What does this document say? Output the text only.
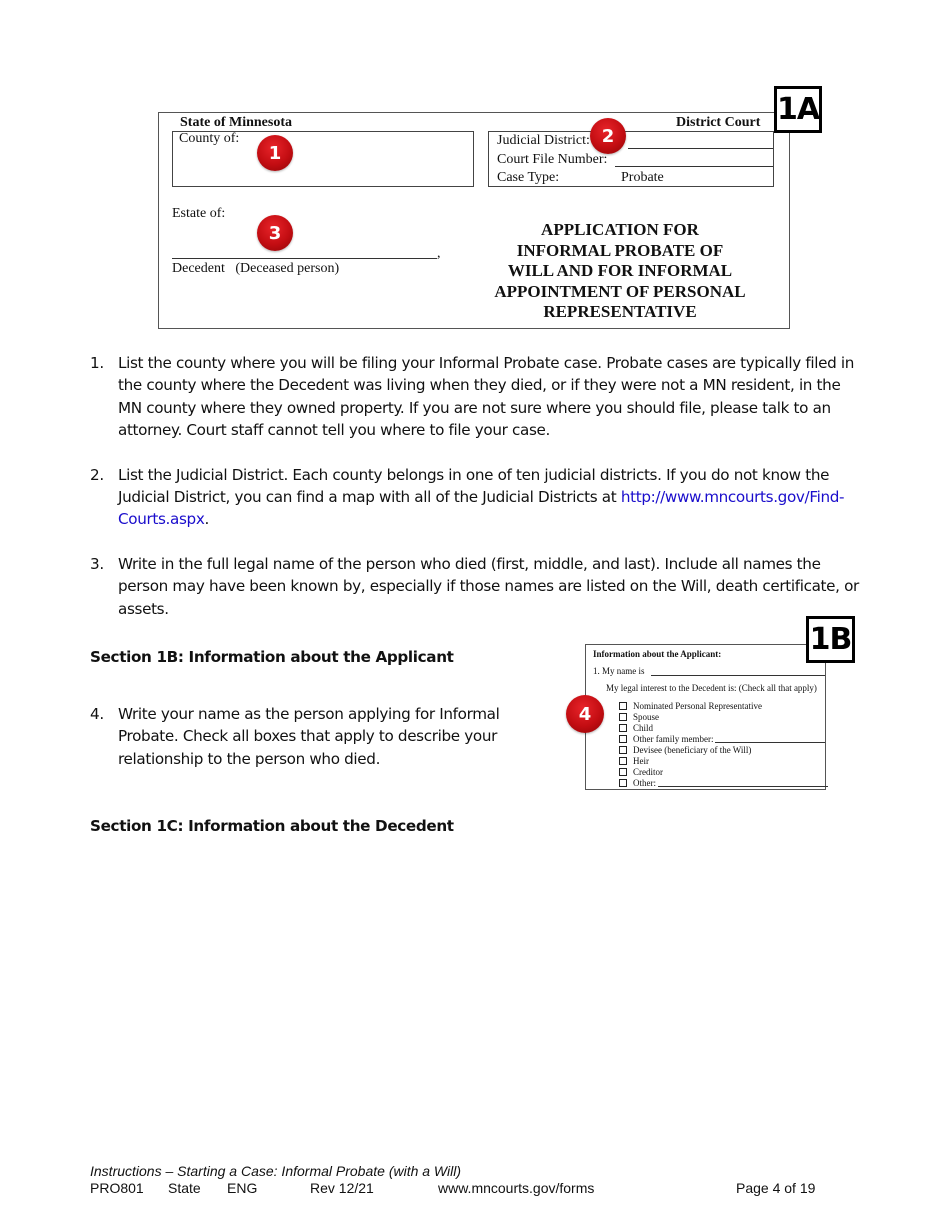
State of Minnesota	District Court
County of:
1
Judicial District:
Court File Number:
Case Type:	Probate
2
Estate of:
3
,
Decedent   (Deceased person)
APPLICATION FOR
INFORMAL PROBATE OF
WILL AND FOR INFORMAL
APPOINTMENT OF PERSONAL
REPRESENTATIVE
1A
1. List the county where you will be filing your Informal Probate case. Probate cases are typically filed in the county where the Decedent was living when they died, or if they were not a MN resident, in the MN county where they owned property. If you are not sure where you should file, please talk to an attorney. Court staff cannot tell you where to file your case.
2. List the Judicial District. Each county belongs in one of ten judicial districts. If you do not know the Judicial District, you can find a map with all of the Judicial Districts at http://www.mncourts.gov/Find-Courts.aspx.
3. Write in the full legal name of the person who died (first, middle, and last). Include all names the person may have been known by, especially if those names are listed on the Will, death certificate, or assets.
Section 1B: Information about the Applicant
4. Write your name as the person applying for Informal Probate. Check all boxes that apply to describe your relationship to the person who died.
Information about the Applicant:
1. My name is
My legal interest to the Decedent is: (Check all that apply)
Nominated Personal Representative
Spouse
Child
Other family member:
Devisee (beneficiary of the Will)
Heir
Creditor
Other:
4
1B
Section 1C: Information about the Decedent
Instructions – Starting a Case: Informal Probate (with a Will)
PRO801 State ENG	Rev 12/21	www.mncourts.gov/forms	Page 4 of 19
